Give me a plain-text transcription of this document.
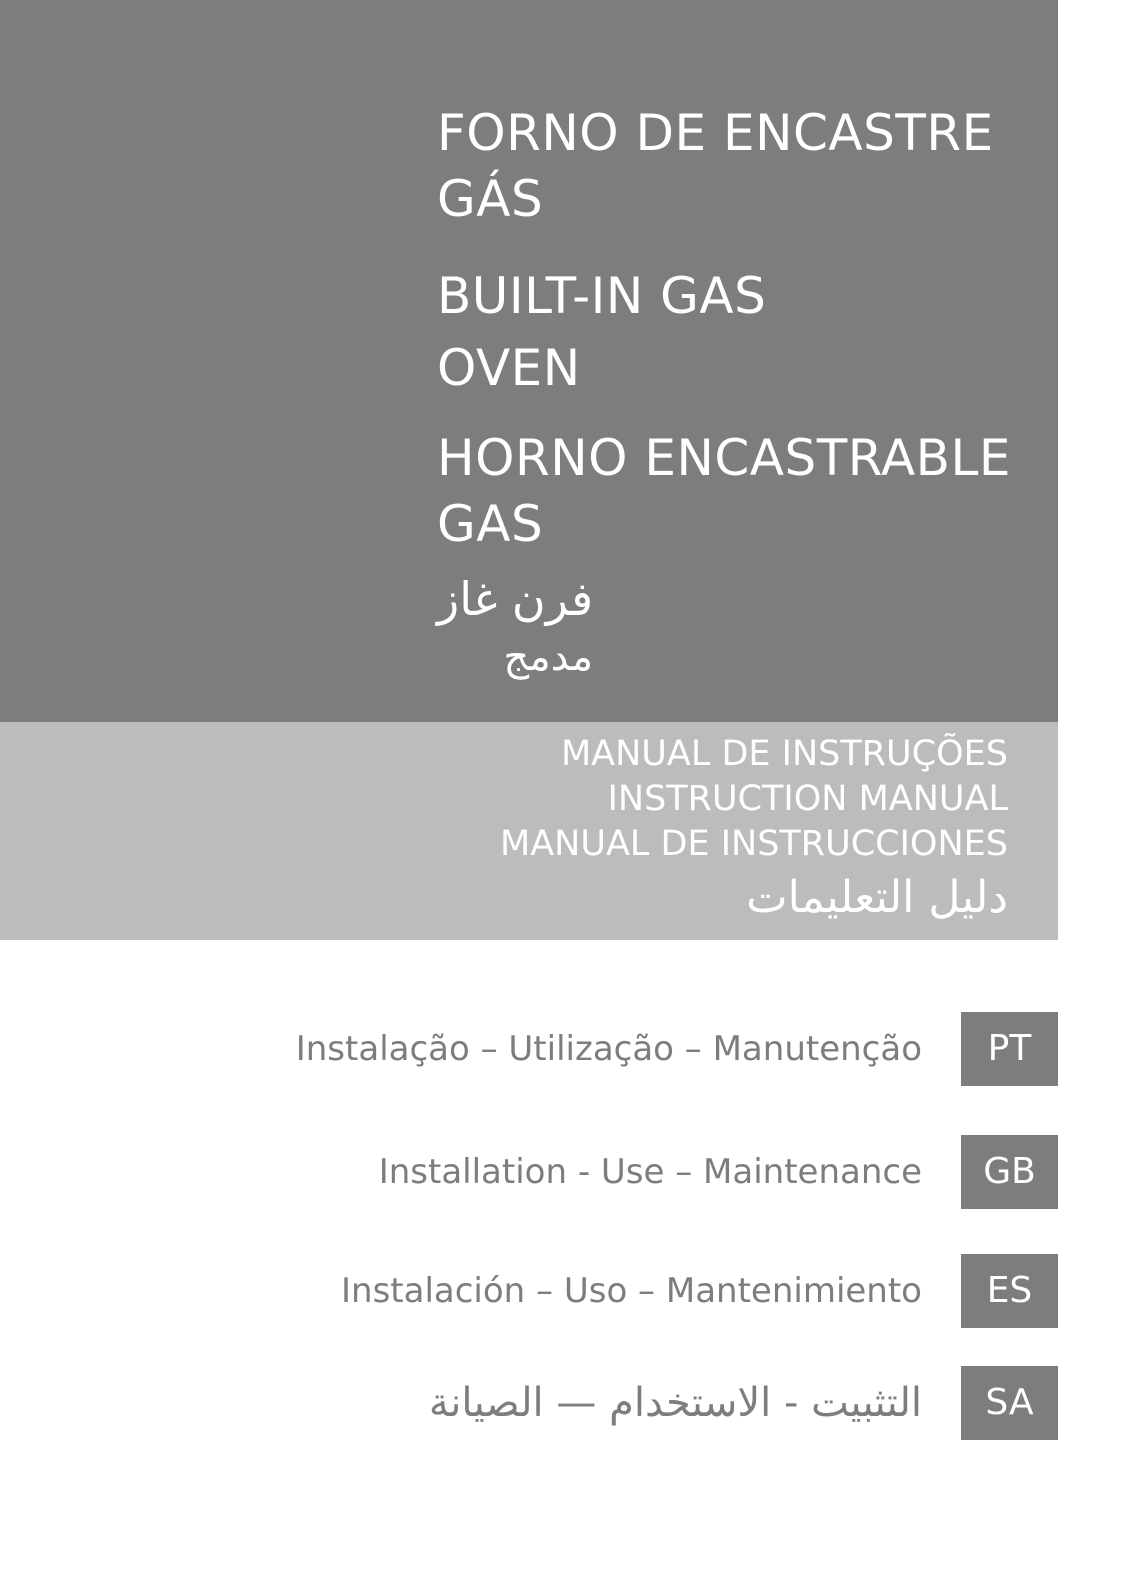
FORNO DE ENCASTRE
GÁS
BUILT-IN GAS
OVEN
HORNO ENCASTRABLE
GAS
فرن غاز
مدمج
MANUAL DE INSTRUÇÕES
INSTRUCTION MANUAL
MANUAL DE INSTRUCCIONES
دليل التعليمات
Instalação – Utilização – Manutenção	PT
Installation - Use – Maintenance	GB
Instalación – Uso – Mantenimiento	ES
التثبيت - الاستخدام — الصيانة	SA
